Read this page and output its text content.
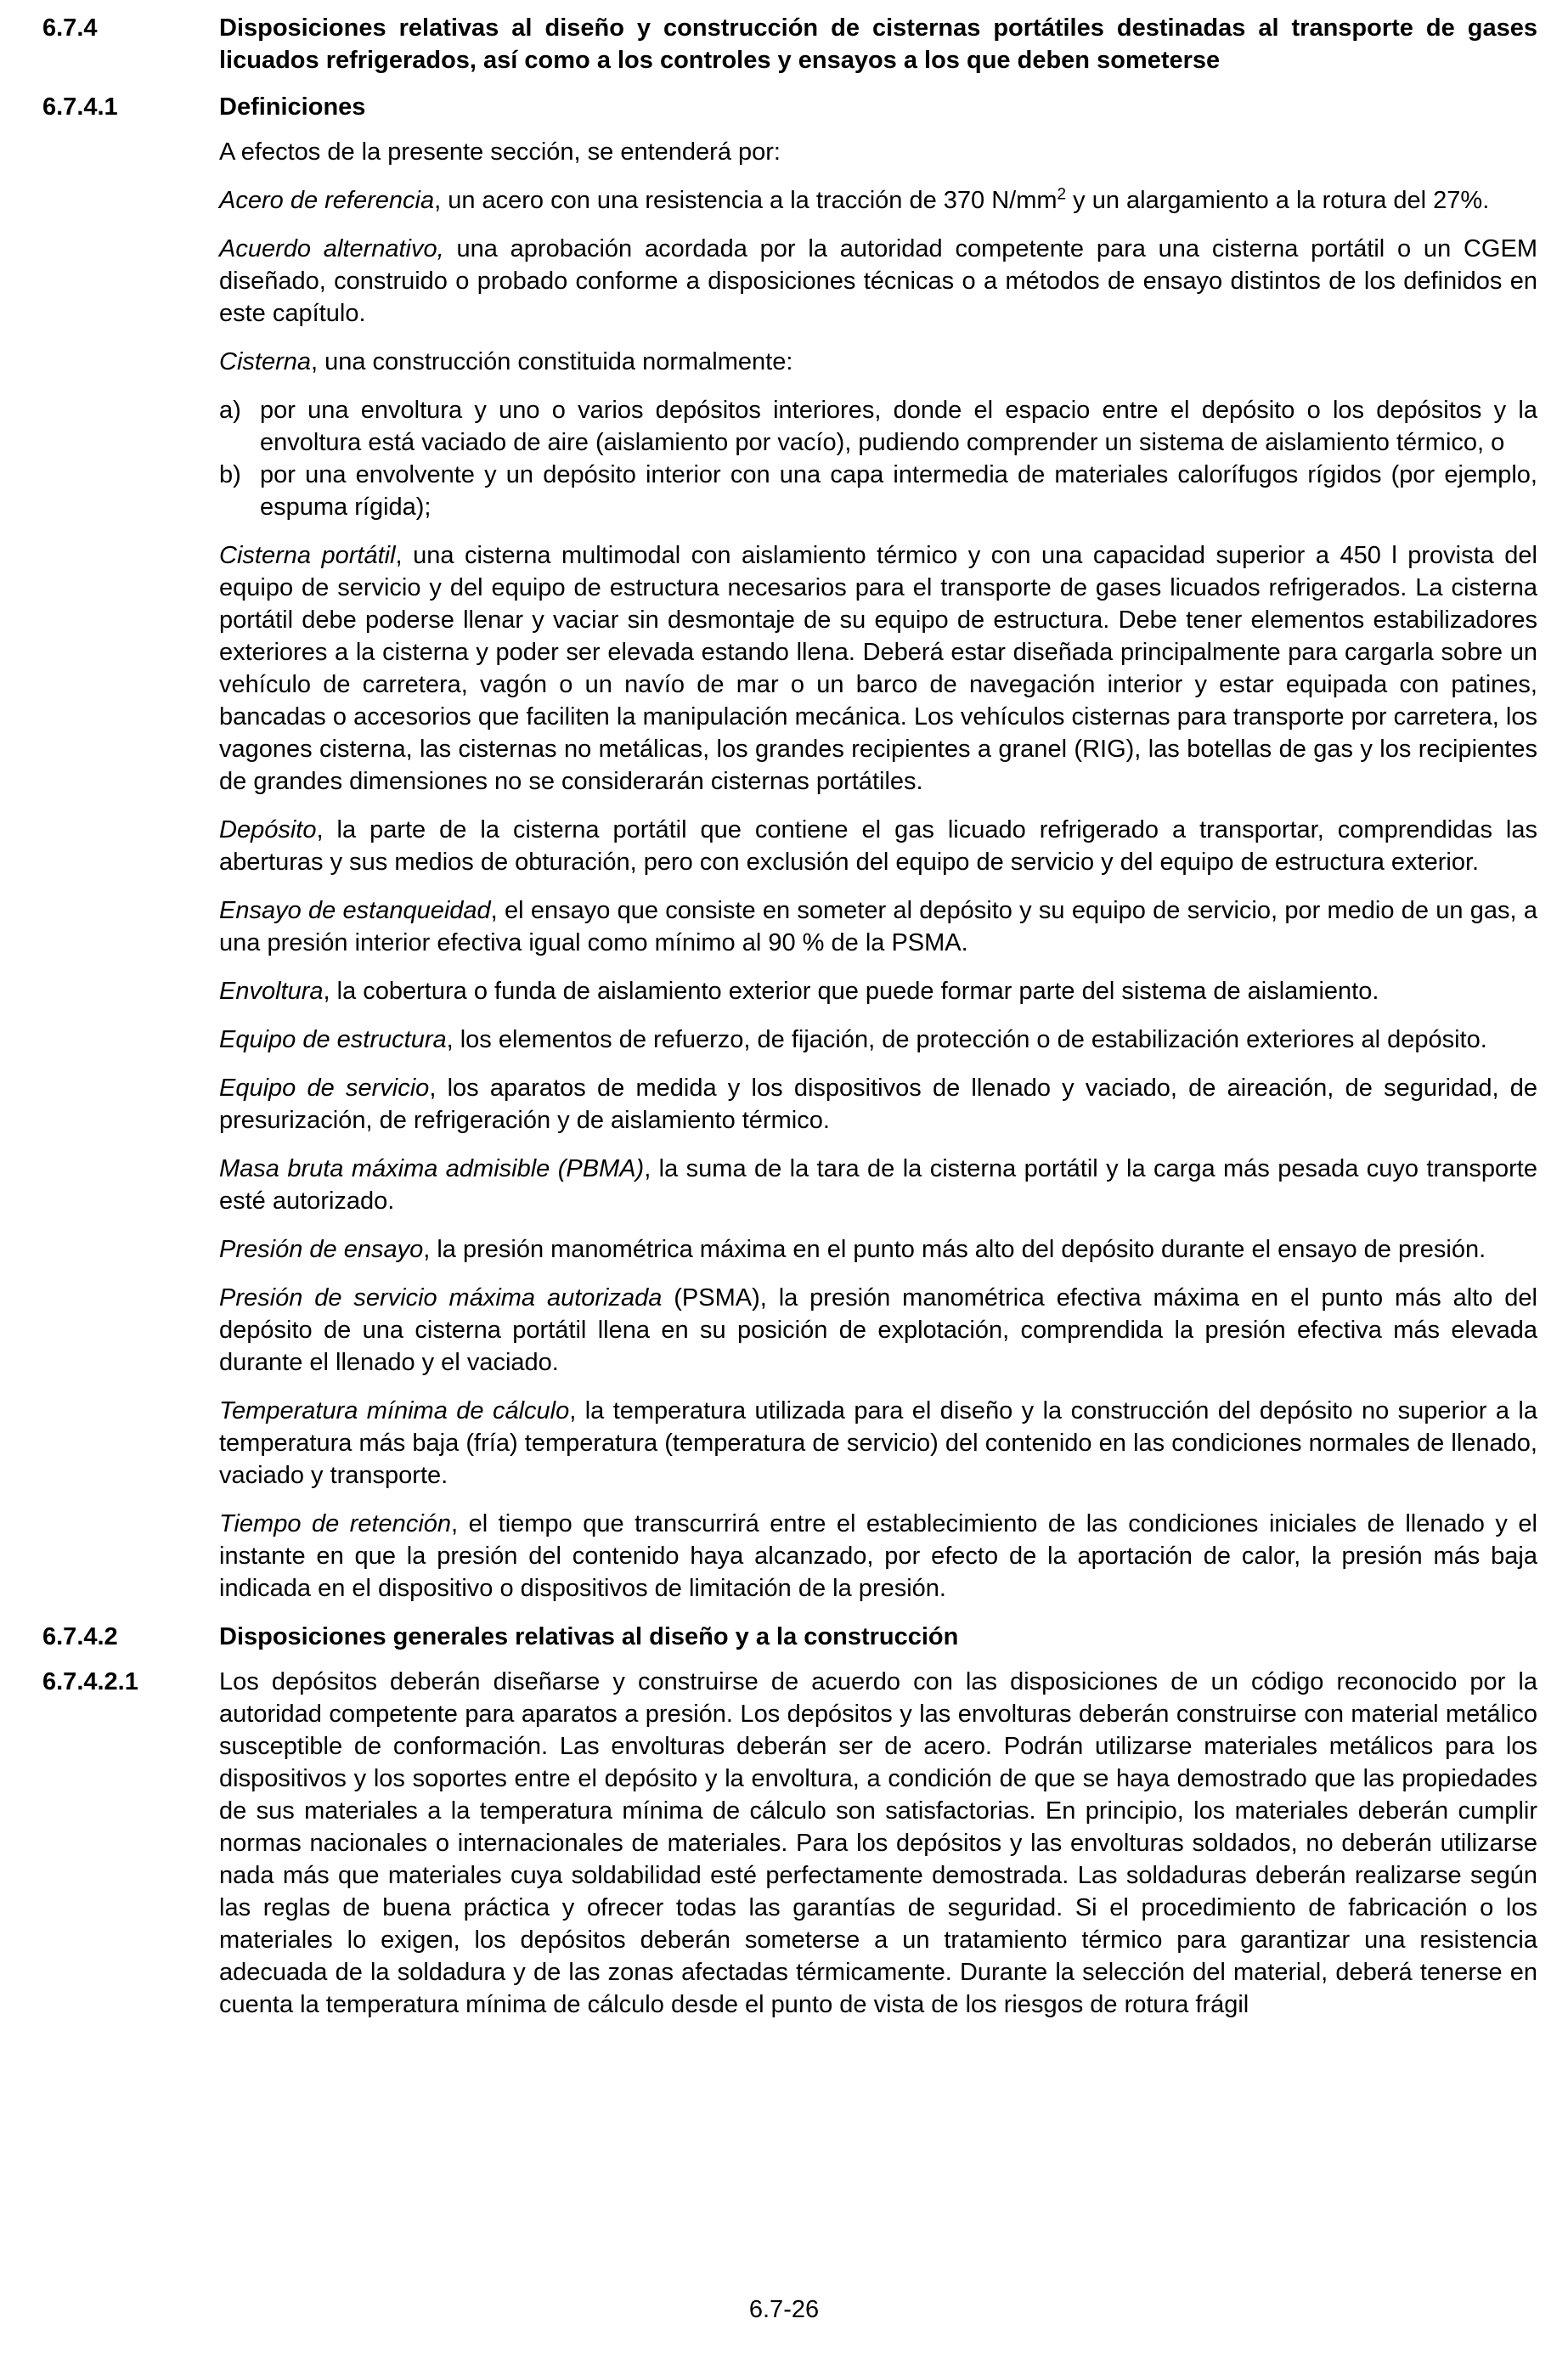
6.7.4	Disposiciones relativas al diseño y construcción de cisternas portátiles destinadas al transporte de gases licuados refrigerados, así como a los controles y ensayos a los que deben someterse
6.7.4.1	Definiciones

A efectos de la presente sección, se entenderá por:

Acero de referencia, un acero con una resistencia a la tracción de 370 $N/mm^2$ y un alargamiento a la rotura del 27%.

Acuerdo alternativo, una aprobación acordada por la autoridad competente para una cisterna portátil o un CGEM diseñado, construido o probado conforme a disposiciones técnicas o a métodos de ensayo distintos de los definidos en este capítulo.

Cisterna, una construcción constituida normalmente:

a) por una envoltura y uno o varios depósitos interiores, donde el espacio entre el depósito o los depósitos y la envoltura está vaciado de aire (aislamiento por vacío), pudiendo comprender un sistema de aislamiento térmico, o
b) por una envolvente y un depósito interior con una capa intermedia de materiales calorífugos rígidos (por ejemplo, espuma rígida);

Cisterna portátil, una cisterna multimodal con aislamiento térmico y con una capacidad superior a 450 l provista del equipo de servicio y del equipo de estructura necesarios para el transporte de gases licuados refrigerados. La cisterna portátil debe poderse llenar y vaciar sin desmontaje de su equipo de estructura. Debe tener elementos estabilizadores exteriores a la cisterna y poder ser elevada estando llena. Deberá estar diseñada principalmente para cargarla sobre un vehículo de carretera, vagón o un navío de mar o un barco de navegación interior y estar equipada con patines, bancadas o accesorios que faciliten la manipulación mecánica. Los vehículos cisternas para transporte por carretera, los vagones cisterna, las cisternas no metálicas, los grandes recipientes a granel (RIG), las botellas de gas y los recipientes de grandes dimensiones no se considerarán cisternas portátiles.

Depósito, la parte de la cisterna portátil que contiene el gas licuado refrigerado a transportar, comprendidas las aberturas y sus medios de obturación, pero con exclusión del equipo de servicio y del equipo de estructura exterior.

Ensayo de estanqueidad, el ensayo que consiste en someter al depósito y su equipo de servicio, por medio de un gas, a una presión interior efectiva igual como mínimo al 90 % de la PSMA.

Envoltura, la cobertura o funda de aislamiento exterior que puede formar parte del sistema de aislamiento.

Equipo de estructura, los elementos de refuerzo, de fijación, de protección o de estabilización exteriores al depósito.

Equipo de servicio, los aparatos de medida y los dispositivos de llenado y vaciado, de aireación, de seguridad, de presurización, de refrigeración y de aislamiento térmico.

Masa bruta máxima admisible (PBMA), la suma de la tara de la cisterna portátil y la carga más pesada cuyo transporte esté autorizado.

Presión de ensayo, la presión manométrica máxima en el punto más alto del depósito durante el ensayo de presión.

Presión de servicio máxima autorizada (PSMA), la presión manométrica efectiva máxima en el punto más alto del depósito de una cisterna portátil llena en su posición de explotación, comprendida la presión efectiva más elevada durante el llenado y el vaciado.

Temperatura mínima de cálculo, la temperatura utilizada para el diseño y la construcción del depósito no superior a la temperatura más baja (fría) temperatura (temperatura de servicio) del contenido en las condiciones normales de llenado, vaciado y transporte.

Tiempo de retención, el tiempo que transcurrirá entre el establecimiento de las condiciones iniciales de llenado y el instante en que la presión del contenido haya alcanzado, por efecto de la aportación de calor, la presión más baja indicada en el dispositivo o dispositivos de limitación de la presión.

6.7.4.2	Disposiciones generales relativas al diseño y a la construcción
6.7.4.2.1	Los depósitos deberán diseñarse y construirse de acuerdo con las disposiciones de un código reconocido por la autoridad competente para aparatos a presión. Los depósitos y las envolturas deberán construirse con material metálico susceptible de conformación. Las envolturas deberán ser de acero. Podrán utilizarse materiales metálicos para los dispositivos y los soportes entre el depósito y la envoltura, a condición de que se haya demostrado que las propiedades de sus materiales a la temperatura mínima de cálculo son satisfactorias. En principio, los materiales deberán cumplir normas nacionales o internacionales de materiales. Para los depósitos y las envolturas soldados, no deberán utilizarse nada más que materiales cuya soldabilidad esté perfectamente demostrada. Las soldaduras deberán realizarse según las reglas de buena práctica y ofrecer todas las garantías de seguridad. Si el procedimiento de fabricación o los materiales lo exigen, los depósitos deberán someterse a un tratamiento térmico para garantizar una resistencia adecuada de la soldadura y de las zonas afectadas térmicamente. Durante la selección del material, deberá tenerse en cuenta la temperatura mínima de cálculo desde el punto de vista de los riesgos de rotura frágil
6.7-26
